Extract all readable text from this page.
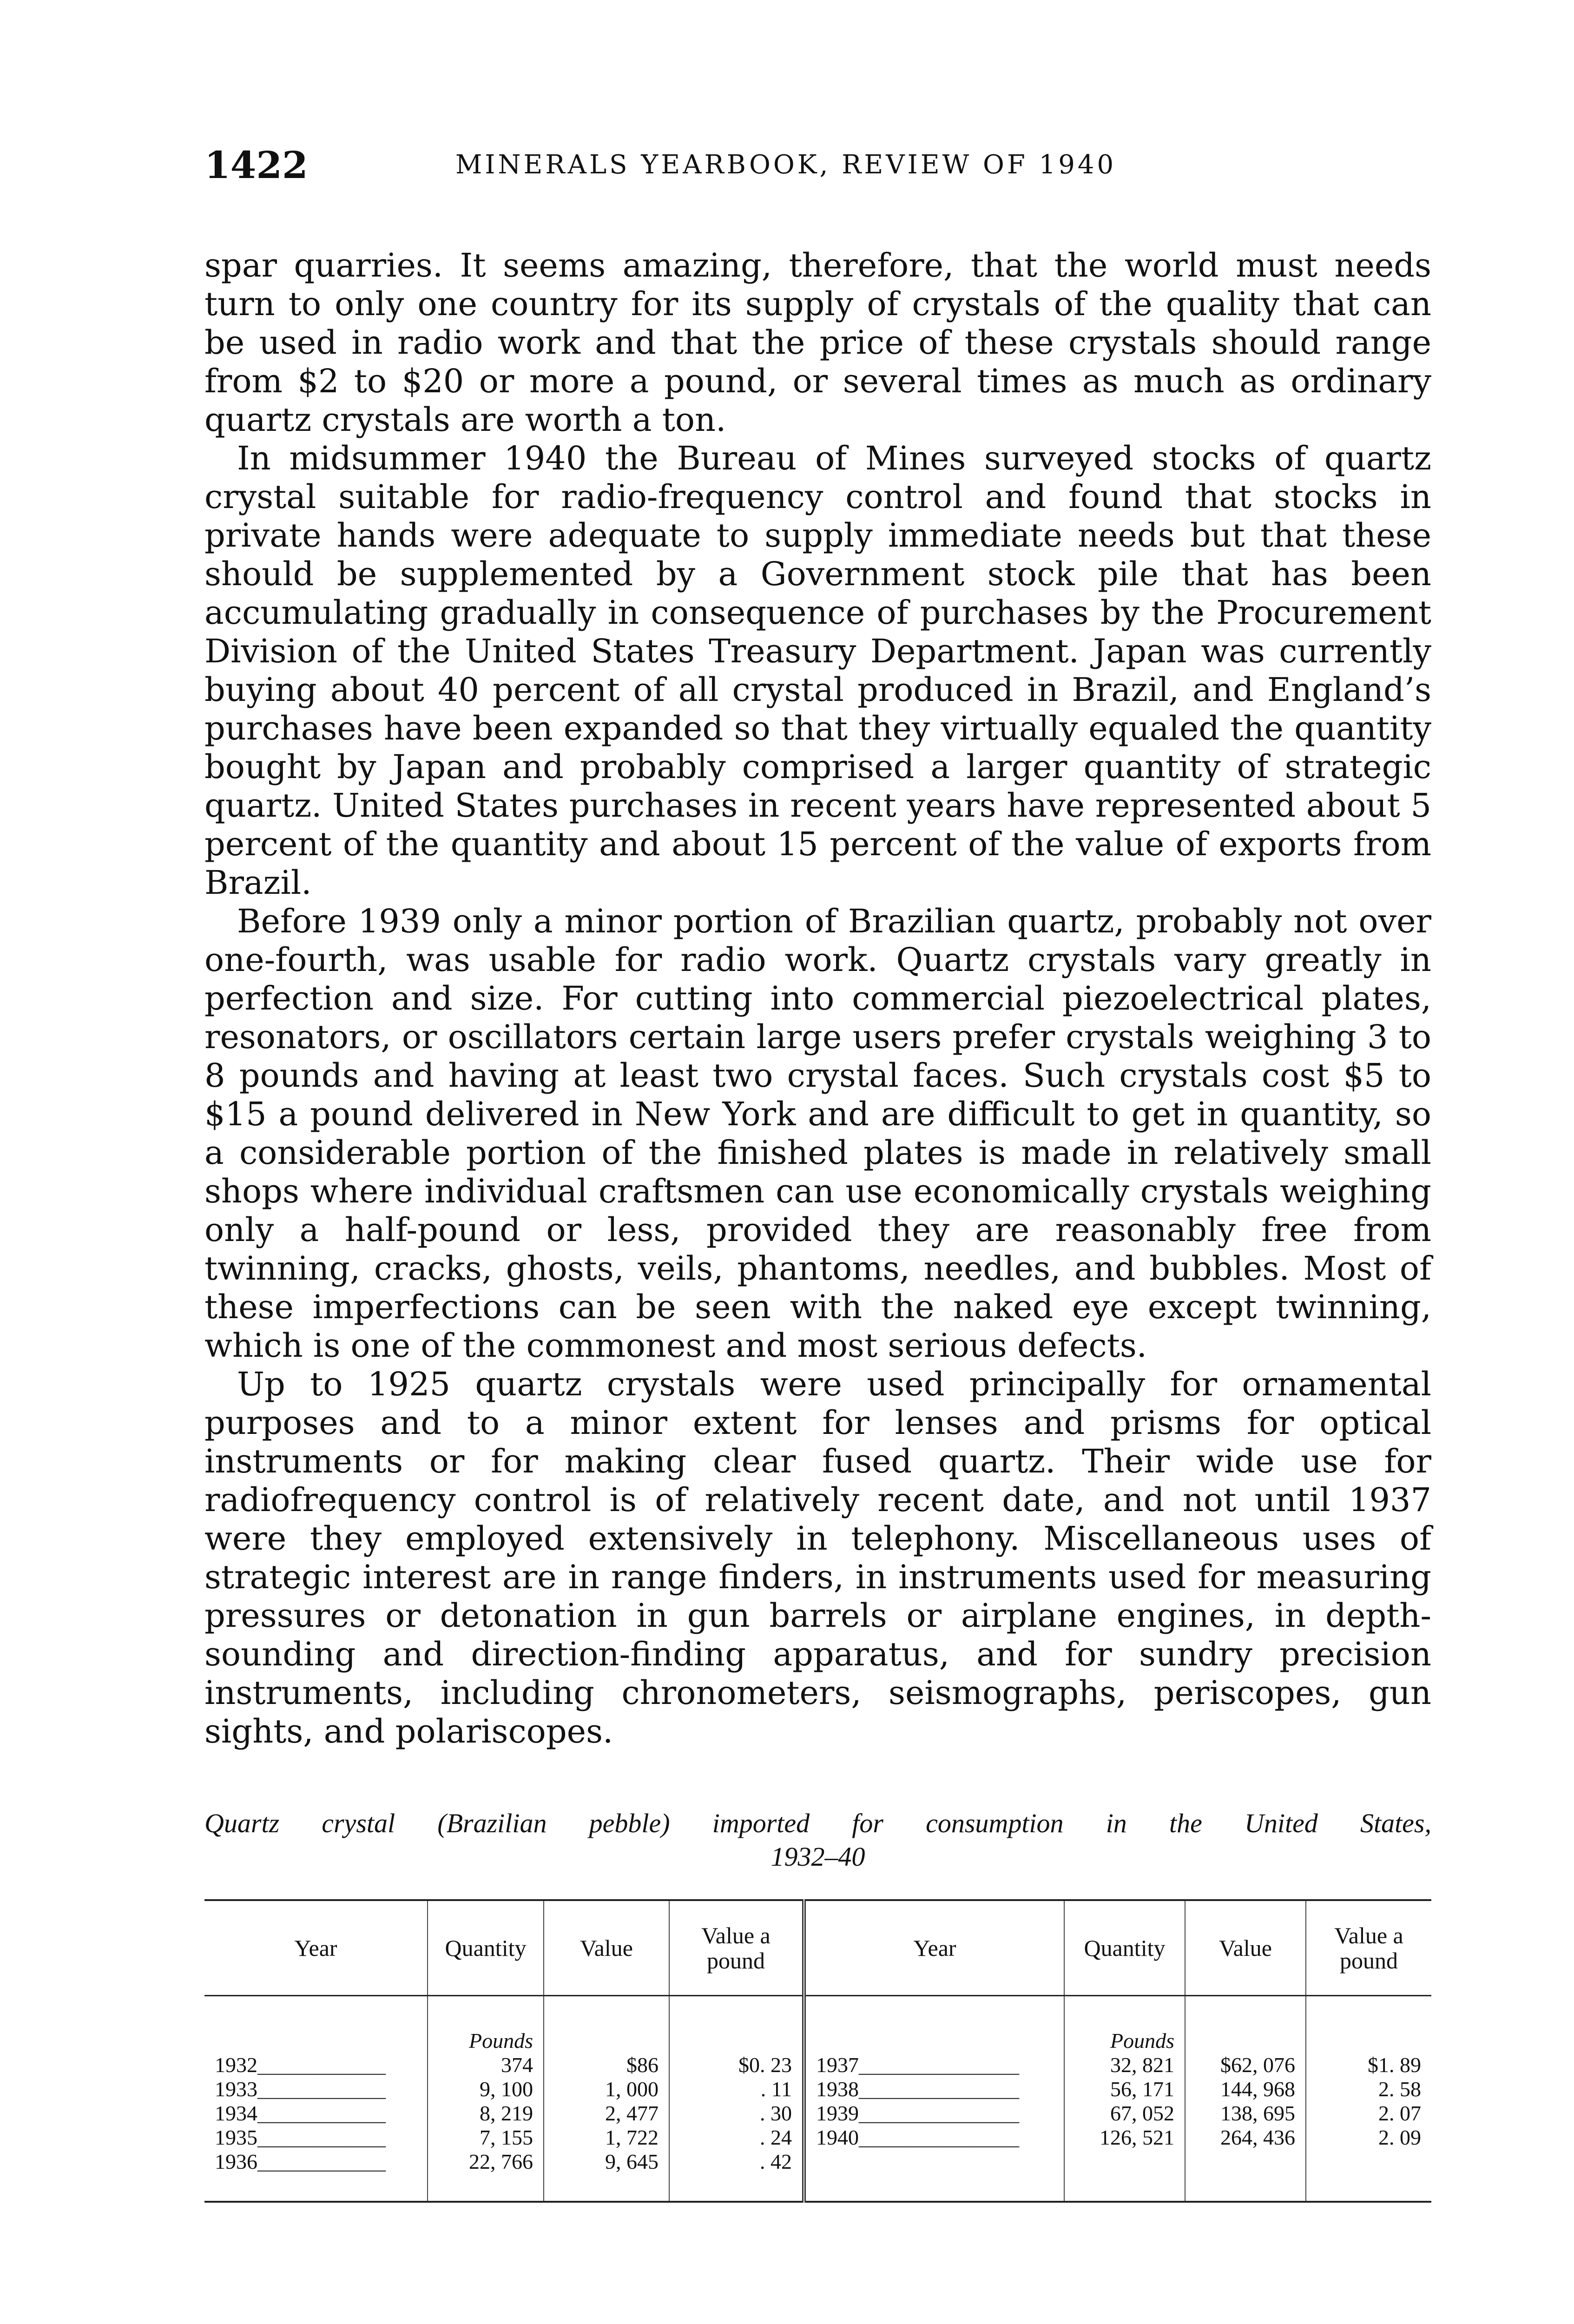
1422	MINERALS YEARBOOK, REVIEW OF 1940

spar quarries. It seems amazing, therefore, that the world must needs turn to only one country for its supply of crystals of the quality that can be used in radio work and that the price of these crystals should range from $2 to $20 or more a pound, or several times as much as ordinary quartz crystals are worth a ton.

In midsummer 1940 the Bureau of Mines surveyed stocks of quartz crystal suitable for radio-frequency control and found that stocks in private hands were adequate to supply immediate needs but that these should be supplemented by a Government stock pile that has been accumulating gradually in consequence of purchases by the Procurement Division of the United States Treasury Department. Japan was currently buying about 40 percent of all crystal produced in Brazil, and England’s purchases have been expanded so that they virtually equaled the quantity bought by Japan and probably comprised a larger quantity of strategic quartz. United States purchases in recent years have represented about 5 percent of the quantity and about 15 percent of the value of exports from Brazil.

Before 1939 only a minor portion of Brazilian quartz, probably not over one-fourth, was usable for radio work. Quartz crystals vary greatly in perfection and size. For cutting into commercial piezoelectrical plates, resonators, or oscillators certain large users prefer crystals weighing 3 to 8 pounds and having at least two crystal faces. Such crystals cost $5 to $15 a pound delivered in New York and are difficult to get in quantity, so a considerable portion of the finished plates is made in relatively small shops where individual craftsmen can use economically crystals weighing only a half-pound or less, provided they are reasonably free from twinning, cracks, ghosts, veils, phantoms, needles, and bubbles. Most of these imperfections can be seen with the naked eye except twinning, which is one of the commonest and most serious defects.

Up to 1925 quartz crystals were used principally for ornamental purposes and to a minor extent for lenses and prisms for optical instruments or for making clear fused quartz. Their wide use for radiofrequency control is of relatively recent date, and not until 1937 were they employed extensively in telephony. Miscellaneous uses of strategic interest are in range finders, in instruments used for measuring pressures or detonation in gun barrels or airplane engines, in depth-sounding and direction-finding apparatus, and for sundry precision instruments, including chronometers, seismographs, periscopes, gun sights, and polariscopes.

Quartz crystal (Brazilian pebble) imported for consumption in the United States,
1932–40
Year	Quantity	Value	Value a pound	Year	Quantity	Value	Value a pound
	Pounds				Pounds		
1932____________	374	$86	$0. 23	1937_______________	32, 821	$62, 076	$1. 89
1933____________	9, 100	1, 000	. 11	1938_______________	56, 171	144, 968	2. 58
1934____________	8, 219	2, 477	. 30	1939_______________	67, 052	138, 695	2. 07
1935____________	7, 155	1, 722	. 24	1940_______________	126, 521	264, 436	2. 09
1936____________	22, 766	9, 645	. 42				
